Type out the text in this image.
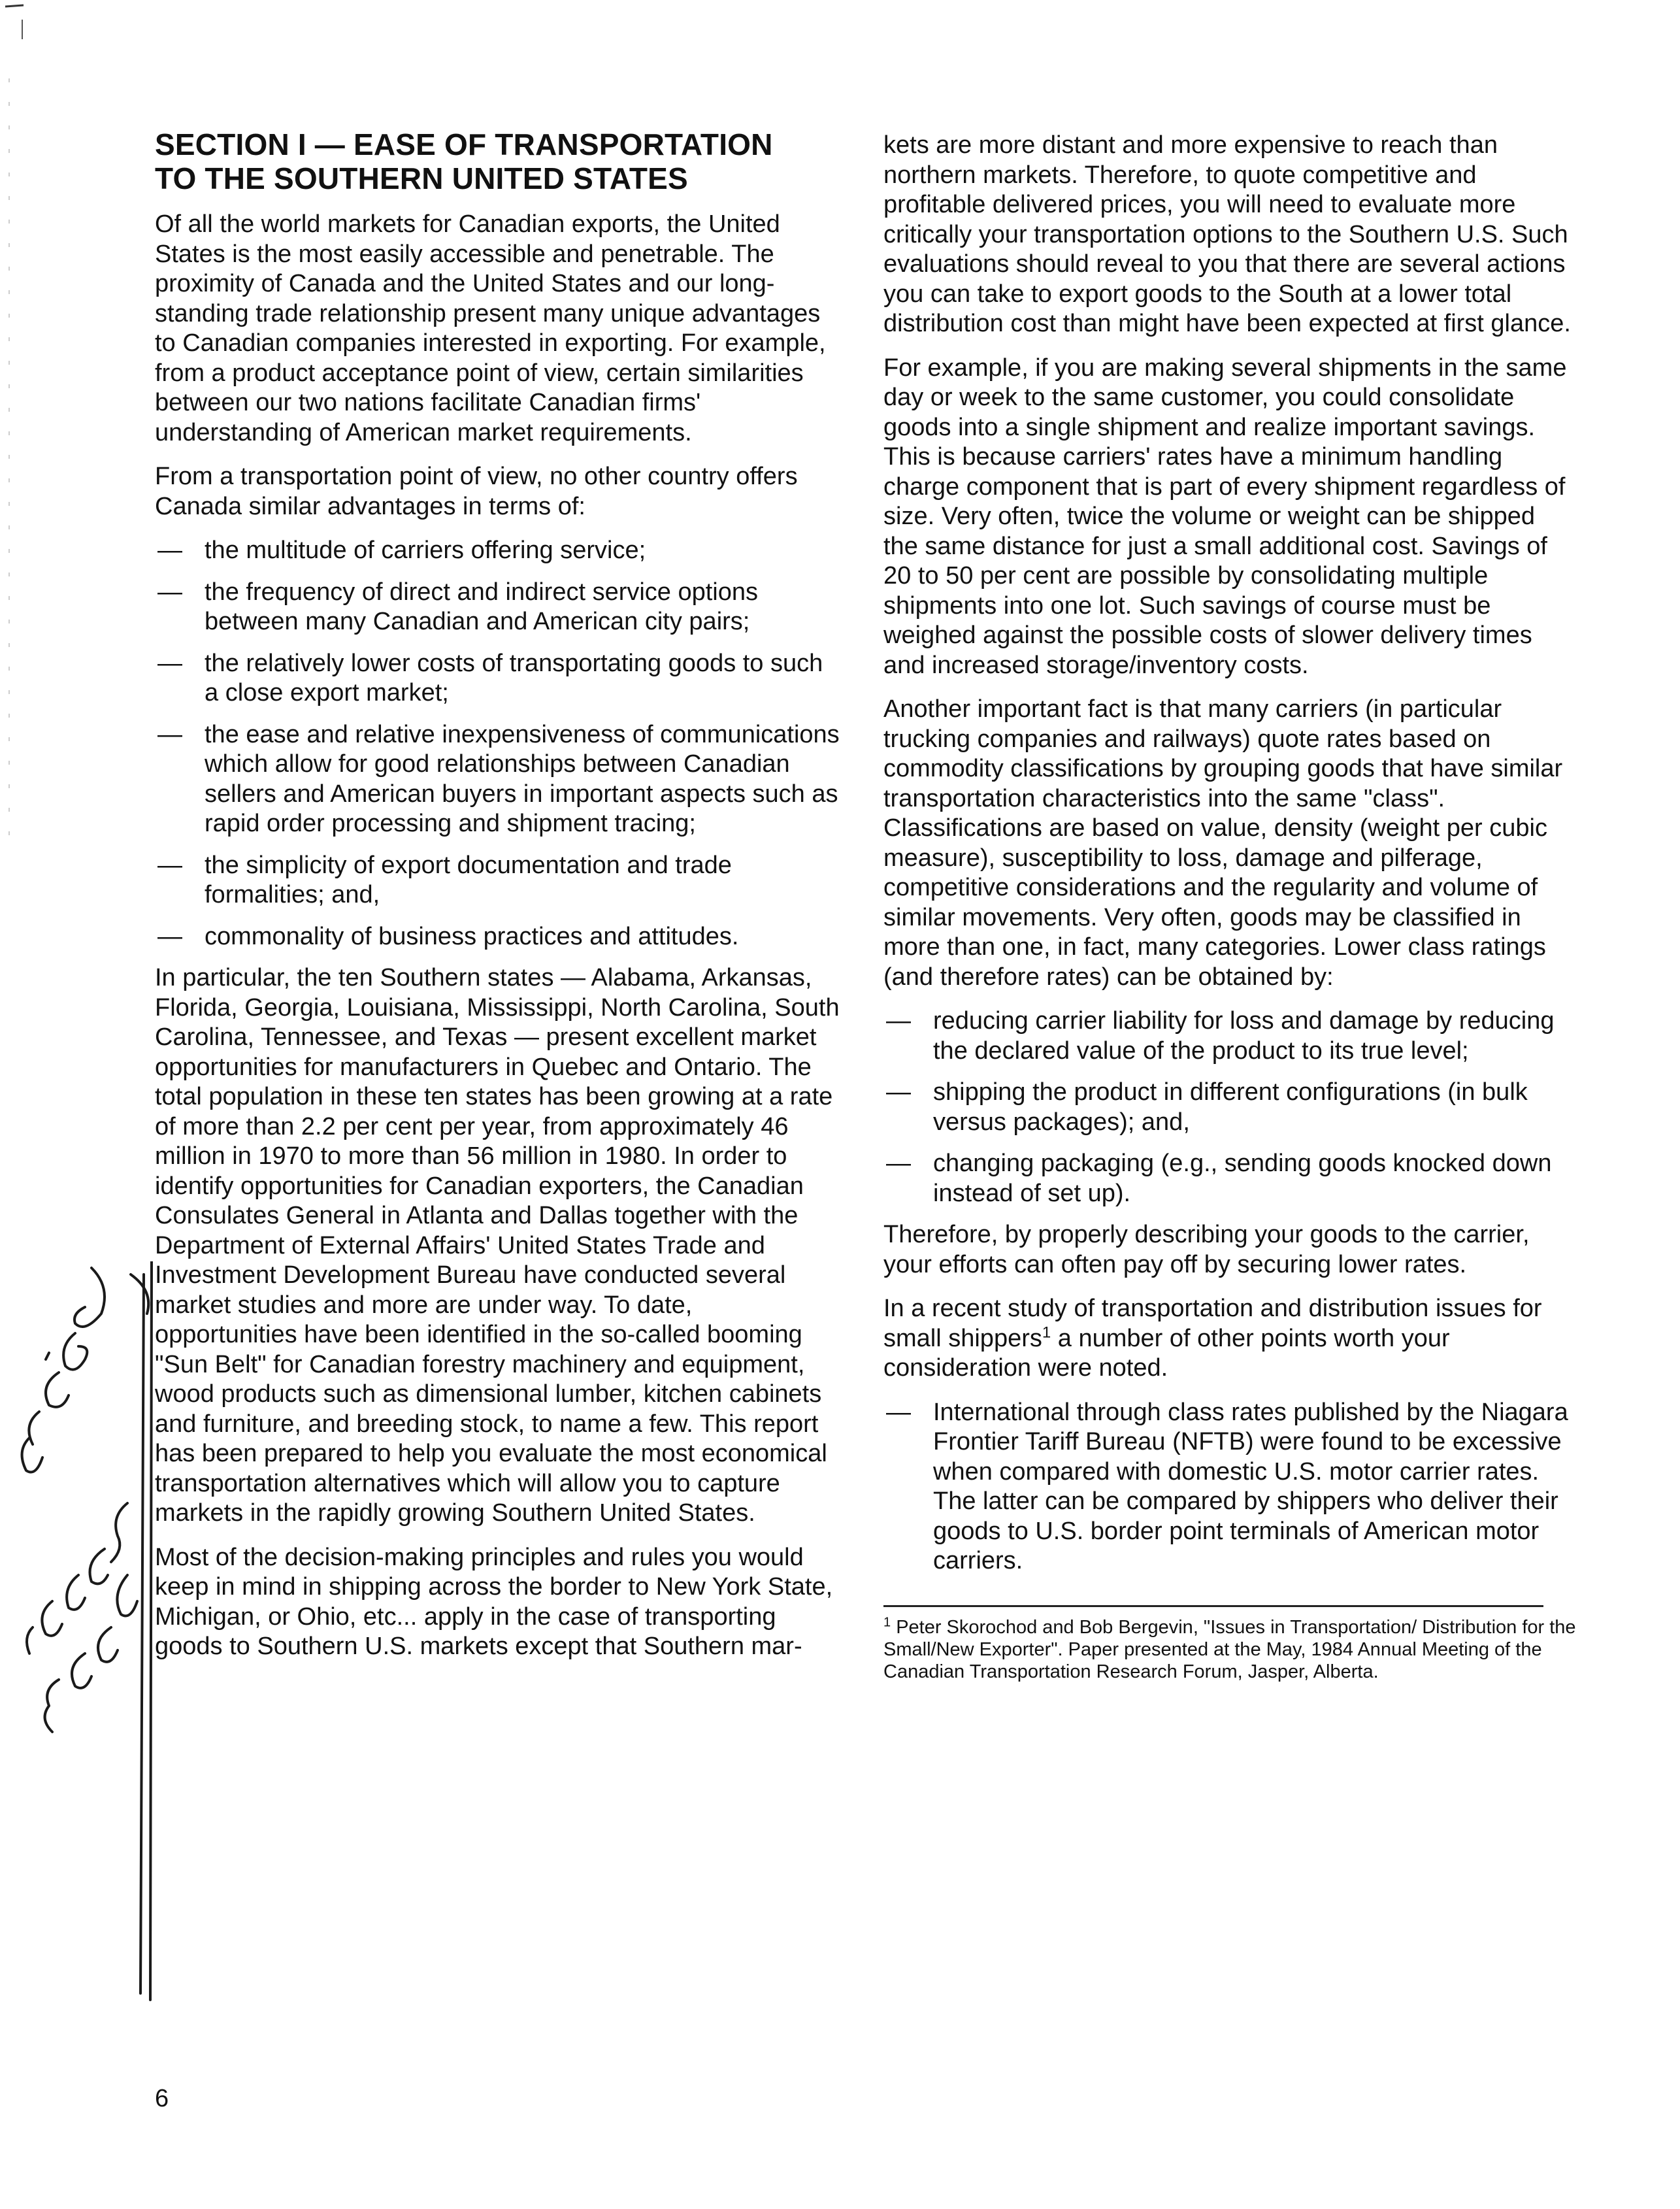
SECTION I — EASE OF TRANSPORTATION
TO THE SOUTHERN UNITED STATES

Of all the world markets for Canadian exports, the United States is the most easily accessible and penetrable. The proximity of Canada and the United States and our long-standing trade relationship present many unique advantages to Canadian companies interested in exporting. For example, from a product acceptance point of view, certain similarities between our two nations facilitate Canadian firms' understanding of American market requirements.

From a transportation point of view, no other country offers Canada similar advantages in terms of:

— the multitude of carriers offering service;
— the frequency of direct and indirect service options between many Canadian and American city pairs;
— the relatively lower costs of transportating goods to such a close export market;
— the ease and relative inexpensiveness of communications which allow for good relationships between Canadian sellers and American buyers in important aspects such as rapid order processing and shipment tracing;
— the simplicity of export documentation and trade formalities; and,
— commonality of business practices and attitudes.

In particular, the ten Southern states — Alabama, Arkansas, Florida, Georgia, Louisiana, Mississippi, North Carolina, South Carolina, Tennessee, and Texas — present excellent market opportunities for manufacturers in Quebec and Ontario. The total population in these ten states has been growing at a rate of more than 2.2 per cent per year, from approximately 46 million in 1970 to more than 56 million in 1980. In order to identify opportunities for Canadian exporters, the Canadian Consulates General in Atlanta and Dallas together with the Department of External Affairs' United States Trade and Investment Development Bureau have conducted several market studies and more are under way. To date, opportunities have been identified in the so-called booming "Sun Belt" for Canadian forestry machinery and equipment, wood products such as dimensional lumber, kitchen cabinets and furniture, and breeding stock, to name a few. This report has been prepared to help you evaluate the most economical transportation alternatives which will allow you to capture markets in the rapidly growing Southern United States.

Most of the decision-making principles and rules you would keep in mind in shipping across the border to New York State, Michigan, or Ohio, etc... apply in the case of transporting goods to Southern U.S. markets except that Southern mar-

kets are more distant and more expensive to reach than northern markets. Therefore, to quote competitive and profitable delivered prices, you will need to evaluate more critically your transportation options to the Southern U.S. Such evaluations should reveal to you that there are several actions you can take to export goods to the South at a lower total distribution cost than might have been expected at first glance.

For example, if you are making several shipments in the same day or week to the same customer, you could consolidate goods into a single shipment and realize important savings. This is because carriers' rates have a minimum handling charge component that is part of every shipment regardless of size. Very often, twice the volume or weight can be shipped the same distance for just a small additional cost. Savings of 20 to 50 per cent are possible by consolidating multiple shipments into one lot. Such savings of course must be weighed against the possible costs of slower delivery times and increased storage/inventory costs.

Another important fact is that many carriers (in particular trucking companies and railways) quote rates based on commodity classifications by grouping goods that have similar transportation characteristics into the same "class". Classifications are based on value, density (weight per cubic measure), susceptibility to loss, damage and pilferage, competitive considerations and the regularity and volume of similar movements. Very often, goods may be classified in more than one, in fact, many categories. Lower class ratings (and therefore rates) can be obtained by:

— reducing carrier liability for loss and damage by reducing the declared value of the product to its true level;
— shipping the product in different configurations (in bulk versus packages); and,
— changing packaging (e.g., sending goods knocked down instead of set up).

Therefore, by properly describing your goods to the carrier, your efforts can often pay off by securing lower rates.

In a recent study of transportation and distribution issues for small shippers$^1$ a number of other points worth your consideration were noted.

— International through class rates published by the Niagara Frontier Tariff Bureau (NFTB) were found to be excessive when compared with domestic U.S. motor carrier rates. The latter can be compared by shippers who deliver their goods to U.S. border point terminals of American motor carriers.
$^1$ Peter Skorochod and Bob Bergevin, "Issues in Transportation/ Distribution for the Small/New Exporter". Paper presented at the May, 1984 Annual Meeting of the Canadian Transportation Research Forum, Jasper, Alberta.
6
